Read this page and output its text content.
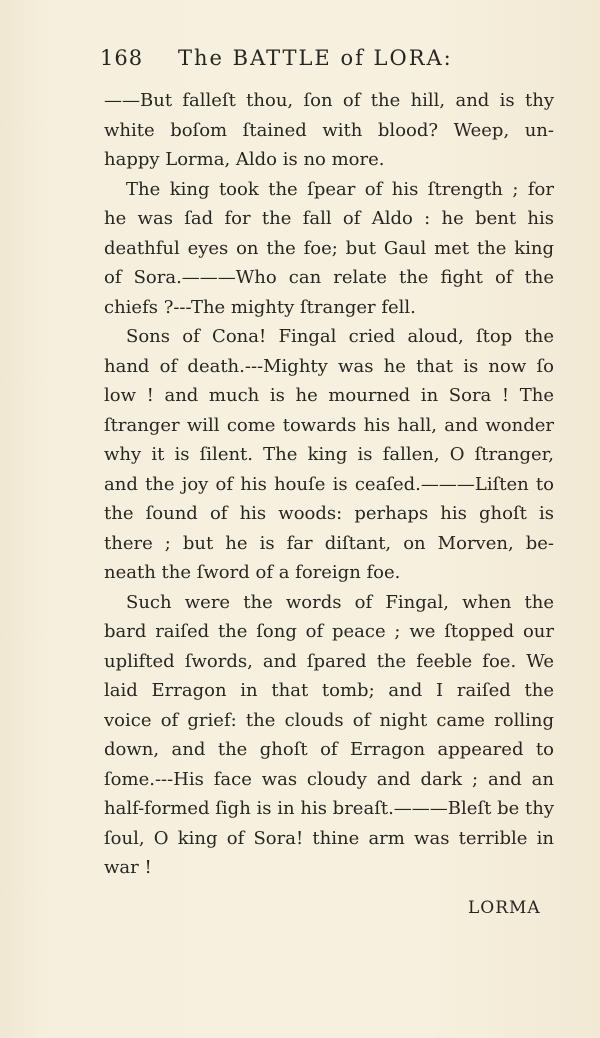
168 The BATTLE of LORA:
——But falleſt thou, ſon of the hill, and is thy
white boſom ſtained with blood? Weep, un-
happy Lorma, Aldo is no more.
The king took the ſpear of his ſtrength ; for
he was ſad for the fall of Aldo : he bent his
deathful eyes on the foe; but Gaul met the king
of Sora.———Who can relate the fight of the
chiefs ?---The mighty ſtranger fell.
Sons of Cona! Fingal cried aloud, ſtop the
hand of death.---Mighty was he that is now ſo
low ! and much is he mourned in Sora ! The
ſtranger will come towards his hall, and wonder
why it is ſilent. The king is fallen, O ſtranger,
and the joy of his houſe is ceaſed.———Liſten to
the ſound of his woods: perhaps his ghoſt is
there ; but he is far diſtant, on Morven, be-
neath the ſword of a foreign foe.
Such were the words of Fingal, when the
bard raiſed the ſong of peace ; we ſtopped our
uplifted ſwords, and ſpared the feeble foe. We
laid Erragon in that tomb; and I raiſed the
voice of grief: the clouds of night came rolling
down, and the ghoſt of Erragon appeared to
ſome.---His face was cloudy and dark ; and an
half-formed ſigh is in his breaſt.———Bleſt be thy
ſoul, O king of Sora! thine arm was terrible in
war !
LORMA
